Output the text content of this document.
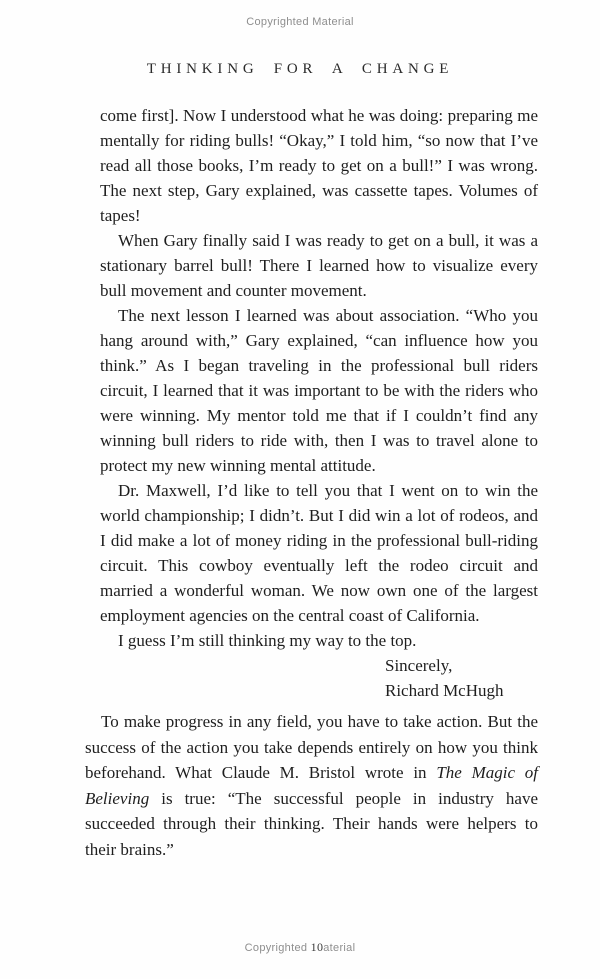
Copyrighted Material
THINKING FOR A CHANGE

come first]. Now I understood what he was doing: preparing me mentally for riding bulls! “Okay,” I told him, “so now that I’ve read all those books, I’m ready to get on a bull!” I was wrong. The next step, Gary explained, was cassette tapes. Volumes of tapes!

When Gary finally said I was ready to get on a bull, it was a stationary barrel bull! There I learned how to visualize every bull movement and counter movement.

The next lesson I learned was about association. “Who you hang around with,” Gary explained, “can influence how you think.” As I began traveling in the professional bull riders circuit, I learned that it was important to be with the riders who were winning. My mentor told me that if I couldn’t find any winning bull riders to ride with, then I was to travel alone to protect my new winning mental attitude.

Dr. Maxwell, I’d like to tell you that I went on to win the world championship; I didn’t. But I did win a lot of rodeos, and I did make a lot of money riding in the professional bull-riding circuit. This cowboy eventually left the rodeo circuit and married a wonderful woman. We now own one of the largest employment agencies on the central coast of California.

I guess I’m still thinking my way to the top.

Sincerely,
Richard McHugh

To make progress in any field, you have to take action. But the success of the action you take depends entirely on how you think beforehand. What Claude M. Bristol wrote in The Magic of Believing is true: “The successful people in industry have succeeded through their thinking. Their hands were helpers to their brains.”

Copyrighted 10aterial
